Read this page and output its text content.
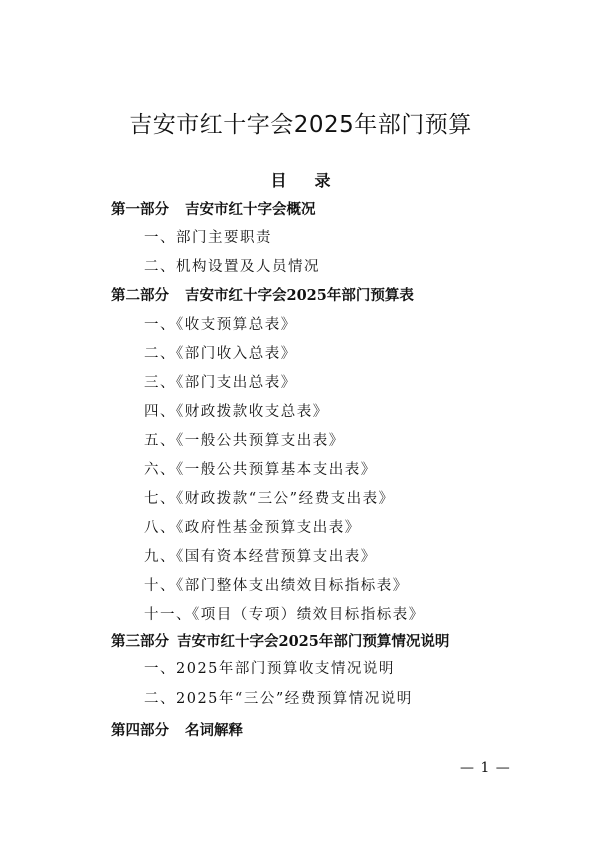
吉安市红十字会2025年部门预算
目录
第一部分 吉安市红十字会概况
一、部门主要职责
二、机构设置及人员情况
第二部分 吉安市红十字会2025年部门预算表
一、《收支预算总表》
二、《部门收入总表》
三、《部门支出总表》
四、《财政拨款收支总表》
五、《一般公共预算支出表》
六、《一般公共预算基本支出表》
七、《财政拨款“三公”经费支出表》
八、《政府性基金预算支出表》
九、《国有资本经营预算支出表》
十、《部门整体支出绩效目标指标表》
十一、《项目（专项）绩效目标指标表》
第三部分 吉安市红十字会2025年部门预算情况说明
一、2025年部门预算收支情况说明
二、2025年“三公”经费预算情况说明
第四部分 名词解释
— 1 —
